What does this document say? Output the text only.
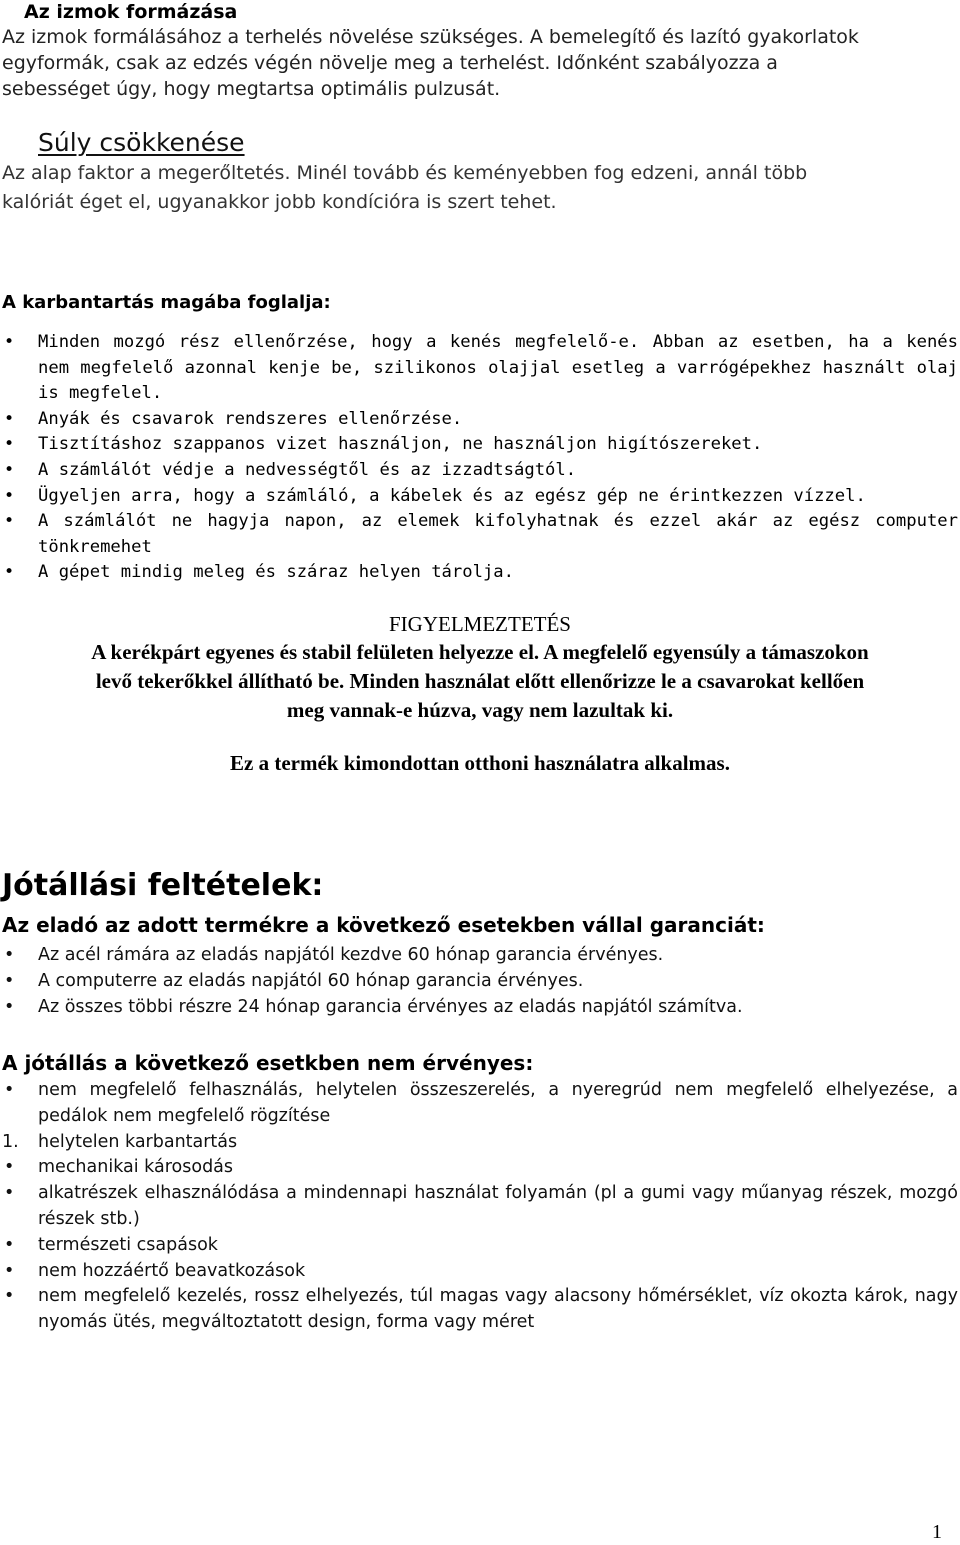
Az izmok formázása
Az izmok formálásához a terhelés növelése szükséges. A bemelegítő és lazító gyakorlatok
egyformák, csak az edzés végén növelje meg a terhelést. Időnként szabályozza a
sebességet úgy, hogy megtartsa optimális pulzusát.
Súly csökkenése
Az alap faktor a megerőltetés. Minél tovább és keményebben fog edzeni, annál több
kalóriát éget el, ugyanakkor jobb kondícióra is szert tehet.
A karbantartás magába foglalja:
• Minden mozgó rész ellenőrzése, hogy a kenés megfelelő-e. Abban az esetben, ha a kenés nem megfelelő azonnal kenje be, szilikonos olajjal esetleg a varrógépekhez használt olaj is megfelel.
• Anyák és csavarok rendszeres ellenőrzése.
• Tisztításhoz szappanos vizet használjon, ne használjon higítószereket.
• A számlálót védje a nedvességtől és az izzadtságtól.
• Ügyeljen arra, hogy a számláló, a kábelek és az egész gép ne érintkezzen vízzel.
• A számlálót ne hagyja napon, az elemek kifolyhatnak és ezzel akár az egész computer tönkremehet
• A gépet mindig meleg és száraz helyen tárolja.
FIGYELMEZTETÉS
A kerékpárt egyenes és stabil felületen helyezze el. A megfelelő egyensúly a támaszokon
levő tekerőkkel állítható be. Minden használat előtt ellenőrizze le a csavarokat kellően
meg vannak-e húzva, vagy nem lazultak ki.
Ez a termék kimondottan otthoni használatra alkalmas.
Jótállási feltételek:
Az eladó az adott termékre a következő esetekben vállal garanciát:
• Az acél rámára az eladás napjától kezdve 60 hónap garancia érvényes.
• A computerre az eladás napjától 60 hónap garancia érvényes.
• Az összes többi részre 24 hónap garancia érvényes az eladás napjától számítva.
A jótállás a következő esetkben nem érvényes:
• nem megfelelő felhasználás, helytelen összeszerelés, a nyeregrúd nem megfelelő elhelyezése, a pedálok nem megfelelő rögzítése
1. helytelen karbantartás
• mechanikai károsodás
• alkatrészek elhasználódása a mindennapi használat folyamán (pl a gumi vagy műanyag részek, mozgó részek stb.)
• természeti csapások
• nem hozzáértő beavatkozások
• nem megfelelő kezelés, rossz elhelyezés, túl magas vagy alacsony hőmérséklet, víz okozta károk, nagy nyomás ütés, megváltoztatott design, forma vagy méret
1
